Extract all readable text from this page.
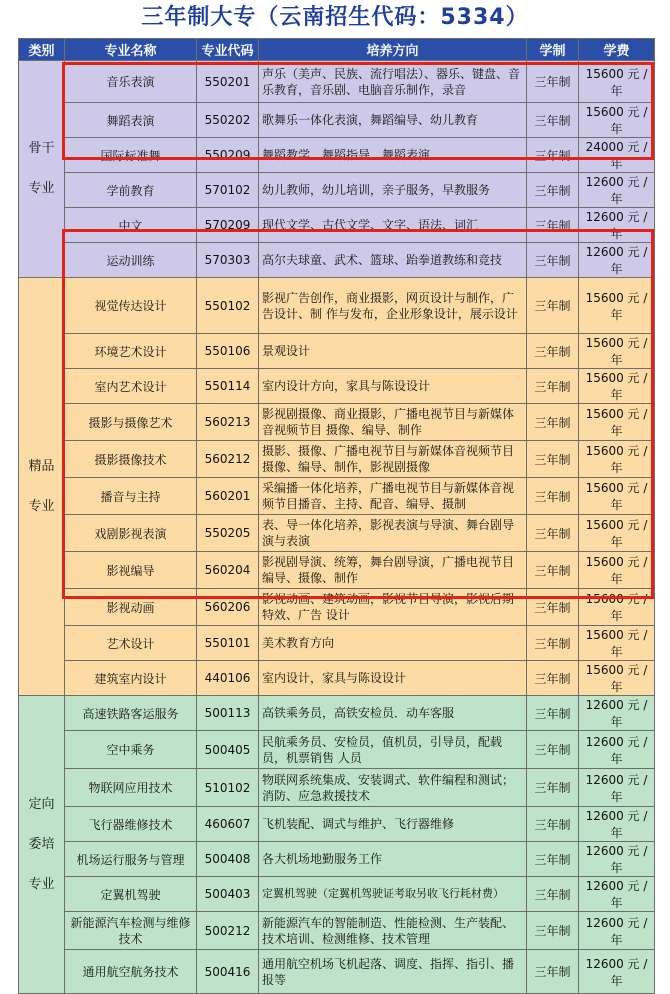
三年制大专（云南招生代码：5334）
类别	专业名称	专业代码	培养方向	学制	学费

骨干
专业	音乐表演	550201	声乐（美声、民族、流行唱法）、器乐、键盘、音乐教育，音乐剧、电脑音乐制作，录音	三年制	15600 元 / 年
	舞蹈表演	550202	歌舞乐一体化表演，舞蹈编导、幼儿教育	三年制	15600 元 / 年
	国际标准舞	550209	舞蹈教学、舞蹈指导、舞蹈表演	三年制	24000 元 / 年
	学前教育	570102	幼儿教师，幼儿培训，亲子服务，早教服务	三年制	12600 元 / 年
	中文	570209	现代文学、古代文学、文字、语法、词汇	三年制	12600 元 / 年
	运动训练	570303	高尔夫球童、武术、篮球、跆拳道教练和竞技	三年制	12600 元 / 年

精品
专业	视觉传达设计	550102	影视广告创作，商业摄影，网页设计与制作，广告设计、制 作与发布，企业形象设计，展示设计	三年制	15600 元 / 年
	环境艺术设计	550106	景观设计	三年制	15600 元 / 年
	室内艺术设计	550114	室内设计方向，家具与陈设设计	三年制	15600 元 / 年
	摄影与摄像艺术	560213	影视剧摄像、商业摄影，广播电视节目与新媒体音视频节目 摄像、编导、制作	三年制	15600 元 / 年
	摄影摄像技术	560212	摄影、摄像、广播电视节目与新媒体音视频节目摄像、编导、制作，影视剧摄像	三年制	15600 元 / 年
	播音与主持	560201	采编播一体化培养，广播电视节目与新媒体音视频节目播音、主持、配音、编导、摄制	三年制	15600 元 / 年
	戏剧影视表演	550205	表、导一体化培养，影视表演与导演、舞台剧导演与表演	三年制	15600 元 / 年
	影视编导	560204	影视剧导演、统筹，舞台剧导演，广播电视节目编导、摄像、制作	三年制	15600 元 / 年
	影视动画	560206	影视动画、建筑动画，影视节目导演，影视后期特效、广告 设计	三年制	15600 元 / 年
	艺术设计	550101	美术教育方向	三年制	15600 元 / 年
	建筑室内设计	440106	室内设计，家具与陈设设计	三年制	15600 元 / 年

定向
委培
专业	高速铁路客运服务	500113	高铁乘务员，高铁安检员．动车客服	三年制	12600 元 / 年
	空中乘务	500405	民航乘务员、安检员，值机员，引导员，配载员，机票销售 人员	三年制	12600 元 / 年
	物联网应用技术	510102	物联网系统集成、安装调式、软件编程和测试；消防、应急救援技术	三年制	12600 元 / 年
	飞行器维修技术	460607	飞机装配、调式与维护、飞行器维修	三年制	12600 元 / 年
	机场运行服务与管理	500408	各大机场地勤服务工作	三年制	12600 元 / 年
	定翼机驾驶	500403	定翼机驾驶（定翼机驾驶证考取另收飞行耗材费）	三年制	12600 元 / 年
	新能源汽车检测与维修技术	500212	新能源汽车的智能制造、性能检测、生产装配、技术培训、检测维修、技术管理	三年制	12600 元 / 年
	通用航空航务技术	500416	通用航空机场飞机起落、调度、指挥、指引、播报等	三年制	12600 元 / 年
